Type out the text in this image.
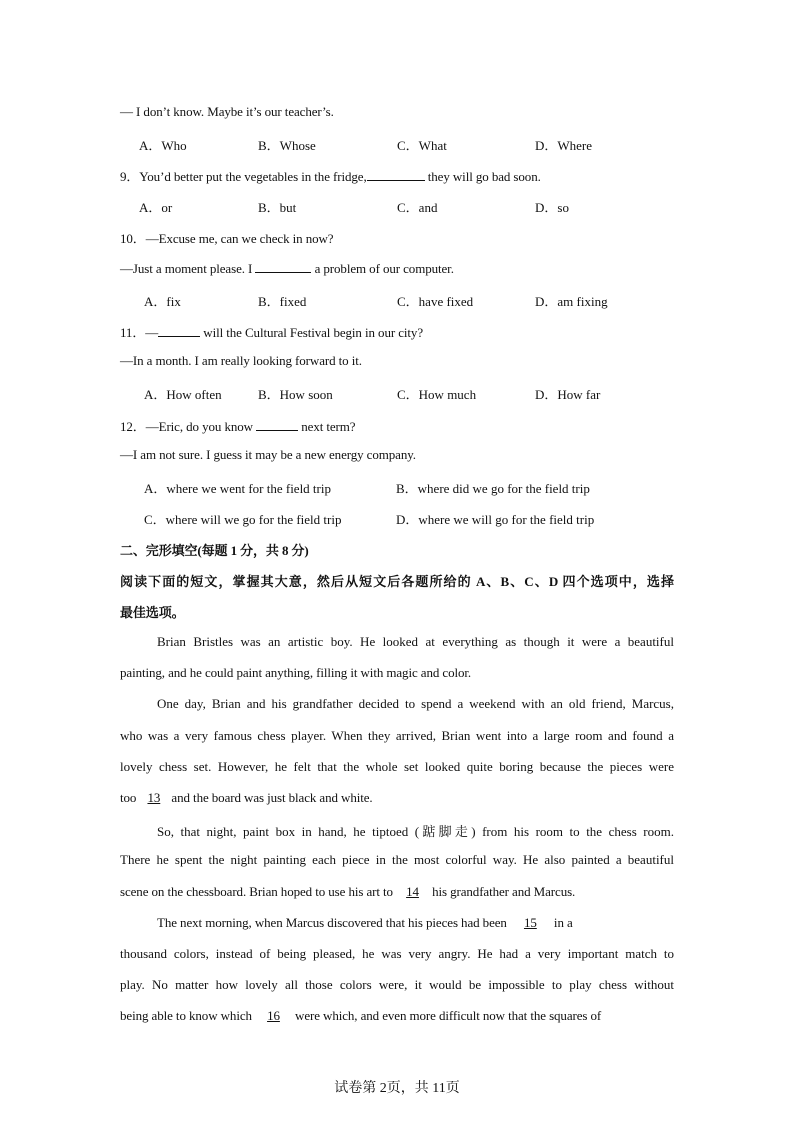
— I don’t know. Maybe it’s our teacher’s.
A．Who	B．Whose	C．What	D．Where
9．You’d better put the vegetables in the fridge,	they will go bad soon.
A．or	B．but	C．and	D．so
10．—Excuse me, can we check in now?
—Just a moment please. I	a problem of our computer.
A．fix	B．fixed	C．have fixed	D．am fixing
11．—	will the Cultural Festival begin in our city?
—In a month. I am really looking forward to it.
A．How often	B．How soon	C．How much	D．How far
12．—Eric, do you know	next term?
—I am not sure. I guess it may be a new energy company.
A．where we went for the field trip	B．where did we go for the field trip
C．where will we go for the field trip	D．where we will go for the field trip
二、完形填空(每题 1 分，共 8 分)
阅读下面的短文，掌握其大意，然后从短文后各题所给的 A、B、C、D 四个选项中，选择
最佳选项。
Brian Bristles was an artistic boy. He looked at everything as though it were a beautiful
painting, and he could paint anything, filling it with magic and color.
One day, Brian and his grandfather decided to spend a weekend with an old friend, Marcus,
who was a very famous chess player. When they arrived, Brian went into a large room and found a
lovely chess set. However, he felt that the whole set looked quite boring because the pieces were
too 13 and the board was just black and white.
So, that night, paint box in hand, he tiptoed (踮脚走) from his room to the chess room.
There he spent the night painting each piece in the most colorful way. He also painted a beautiful
scene on the chessboard. Brian hoped to use his art to 14 his grandfather and Marcus.
The next morning, when Marcus discovered that his pieces had been 15 in a
thousand colors, instead of being pleased, he was very angry. He had a very important match to
play. No matter how lovely all those colors were, it would be impossible to play chess without
being able to know which 16 were which, and even more difficult now that the squares of
试卷第 2页，共 11页
